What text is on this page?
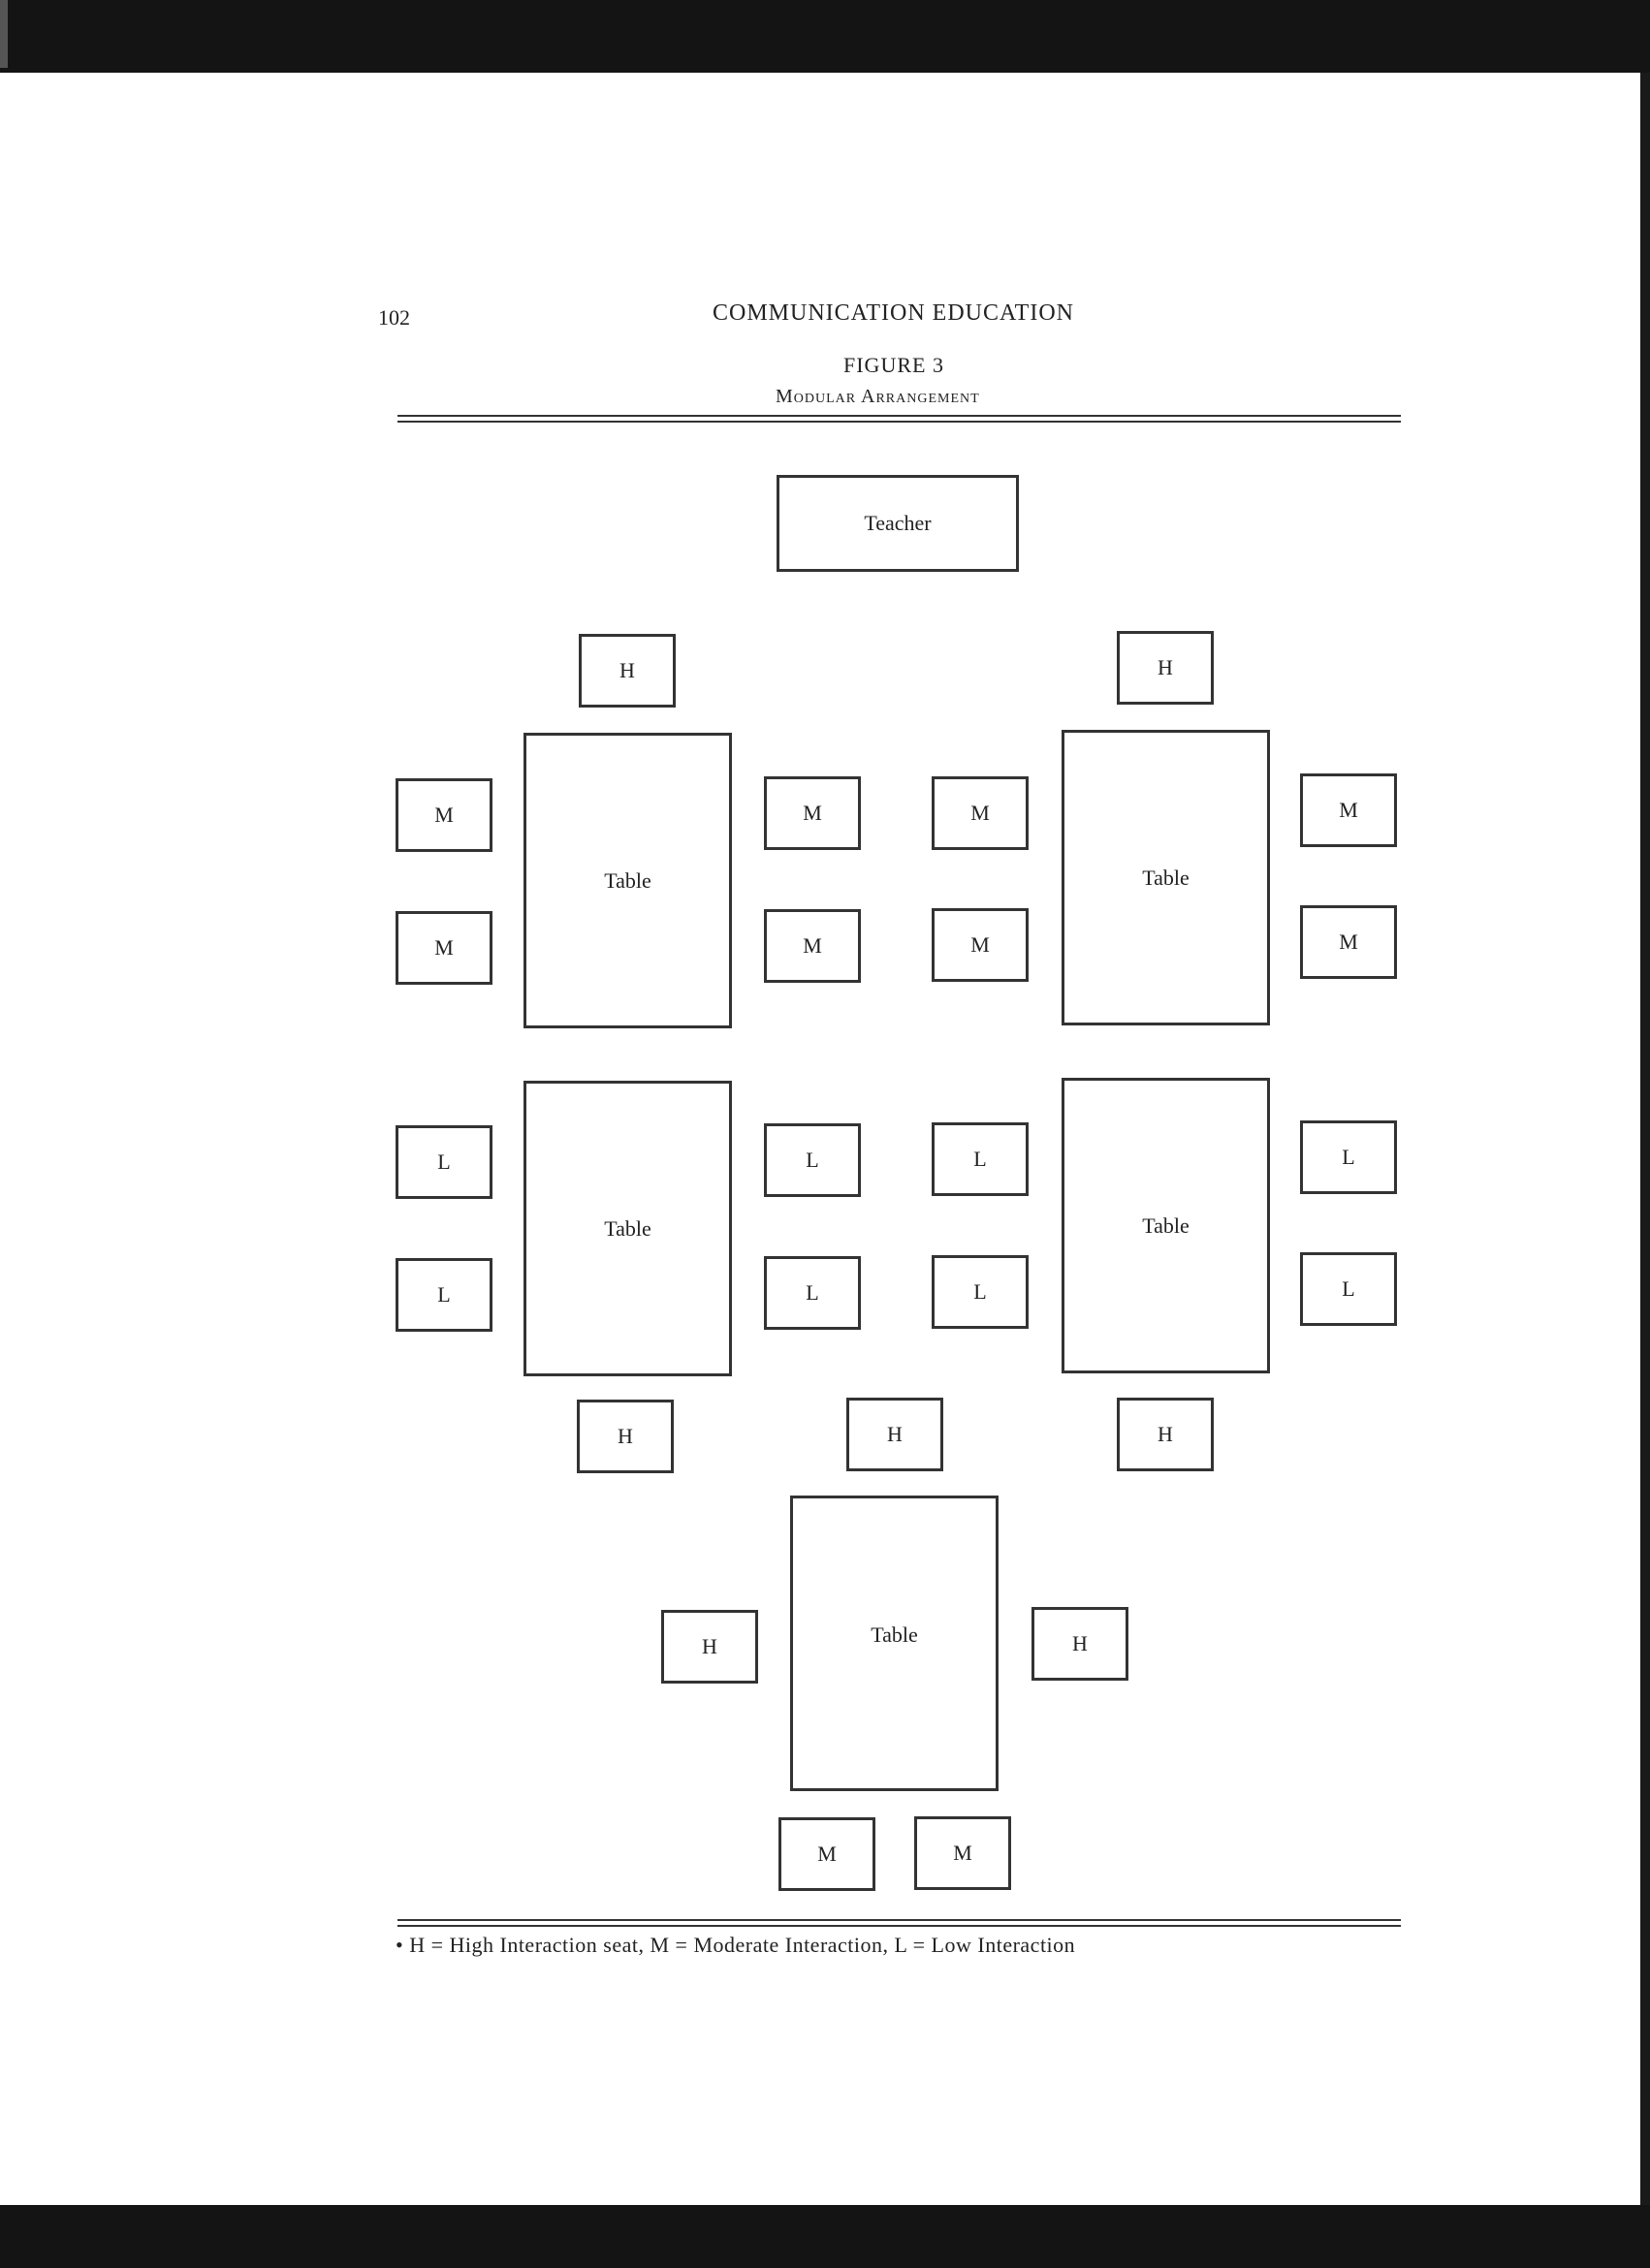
102	COMMUNICATION EDUCATION
FIGURE 3
Modular Arrangement
Teacher
H	H
Table	Table
M
M
M
M
M
M
M
M
Table	Table
L
L
L
L
L
L
L
L
H	H	H
Table
H	H
M	M
• H = High Interaction seat, M = Moderate Interaction, L = Low Interaction
